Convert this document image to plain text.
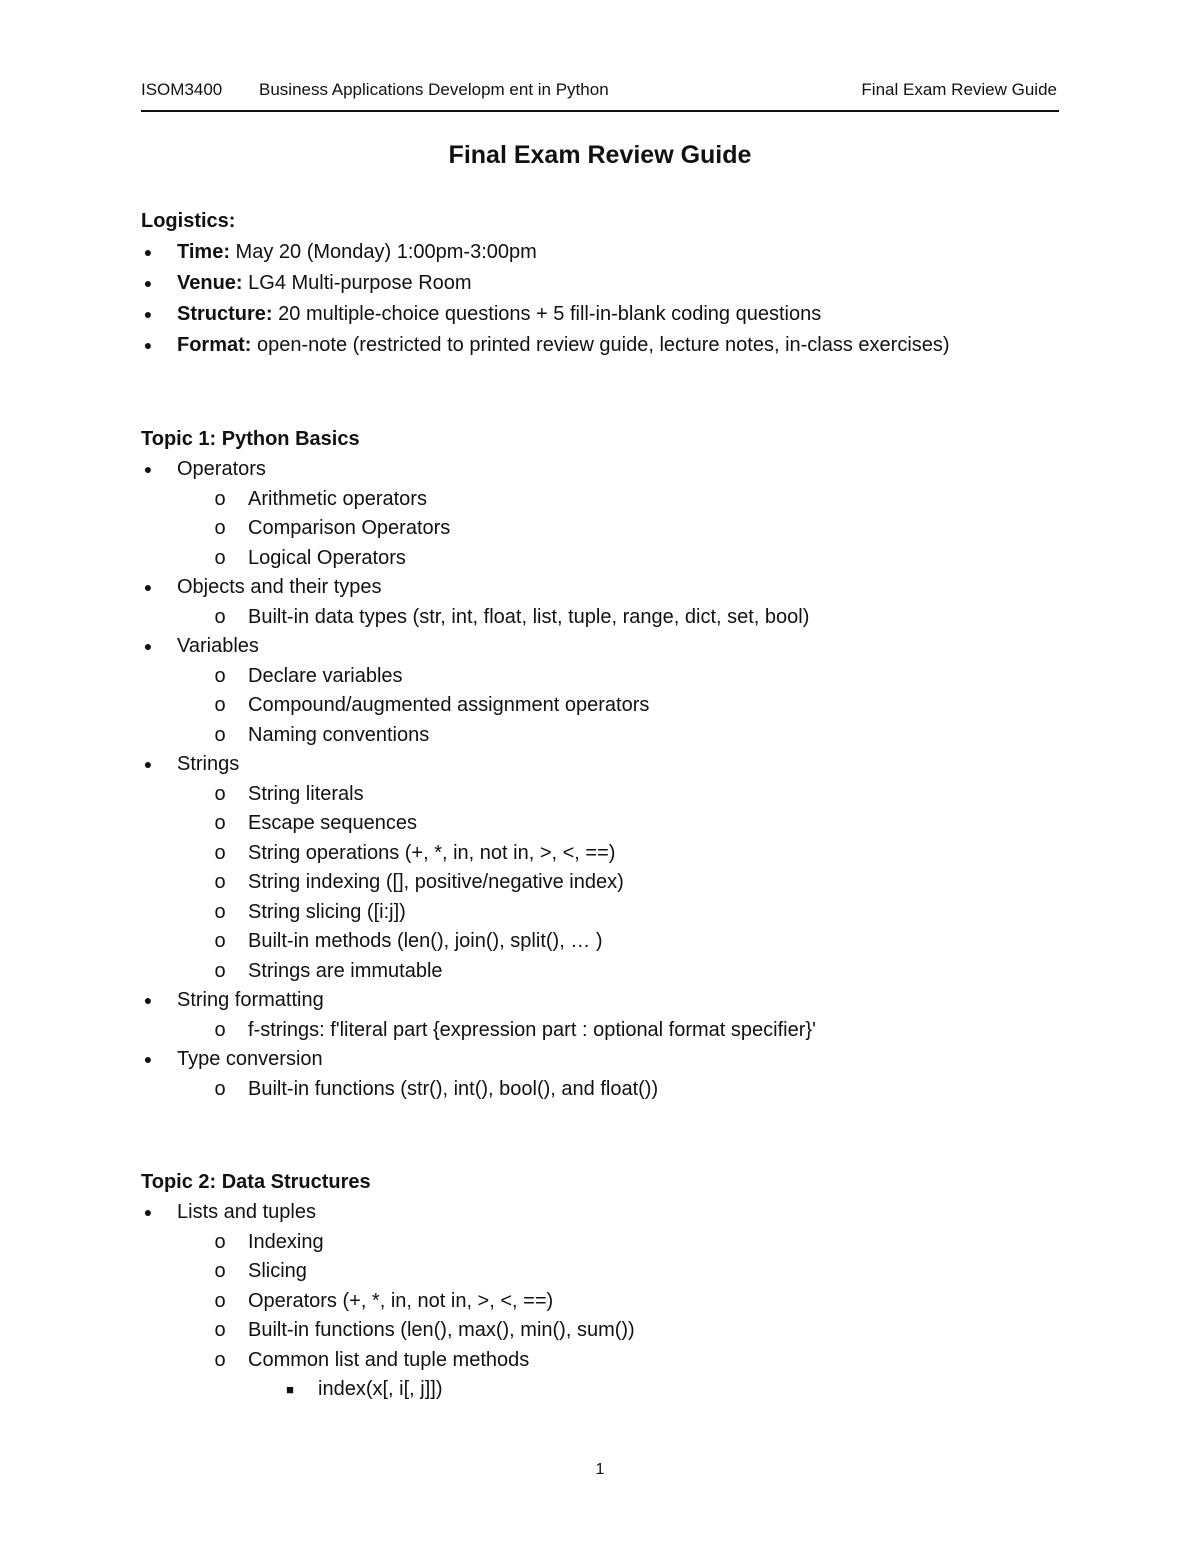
ISOM3400 Business Applications Developm ent in Python	Final Exam Review Guide
Final Exam Review Guide
Logistics:
● Time: May 20 (Monday) 1:00pm-3:00pm
● Venue: LG4 Multi-purpose Room
● Structure: 20 multiple-choice questions + 5 fill-in-blank coding questions
● Format: open-note (restricted to printed review guide, lecture notes, in-class exercises)
Topic 1: Python Basics
● Operators
o Arithmetic operators
o Comparison Operators
o Logical Operators
● Objects and their types
o Built-in data types (str, int, float, list, tuple, range, dict, set, bool)
● Variables
o Declare variables
o Compound/augmented assignment operators
o Naming conventions
● Strings
o String literals
o Escape sequences
o String operations (+, *, in, not in, >, <, ==)
o String indexing ([], positive/negative index)
o String slicing ([i:j])
o Built-in methods (len(), join(), split(), … )
o Strings are immutable
● String formatting
o f-strings: f'literal part {expression part : optional format specifier}'
● Type conversion
o Built-in functions (str(), int(), bool(), and float())
Topic 2: Data Structures
● Lists and tuples
o Indexing
o Slicing
o Operators (+, *, in, not in, >, <, ==)
o Built-in functions (len(), max(), min(), sum())
o Common list and tuple methods
■ index(x[, i[, j]])
1
